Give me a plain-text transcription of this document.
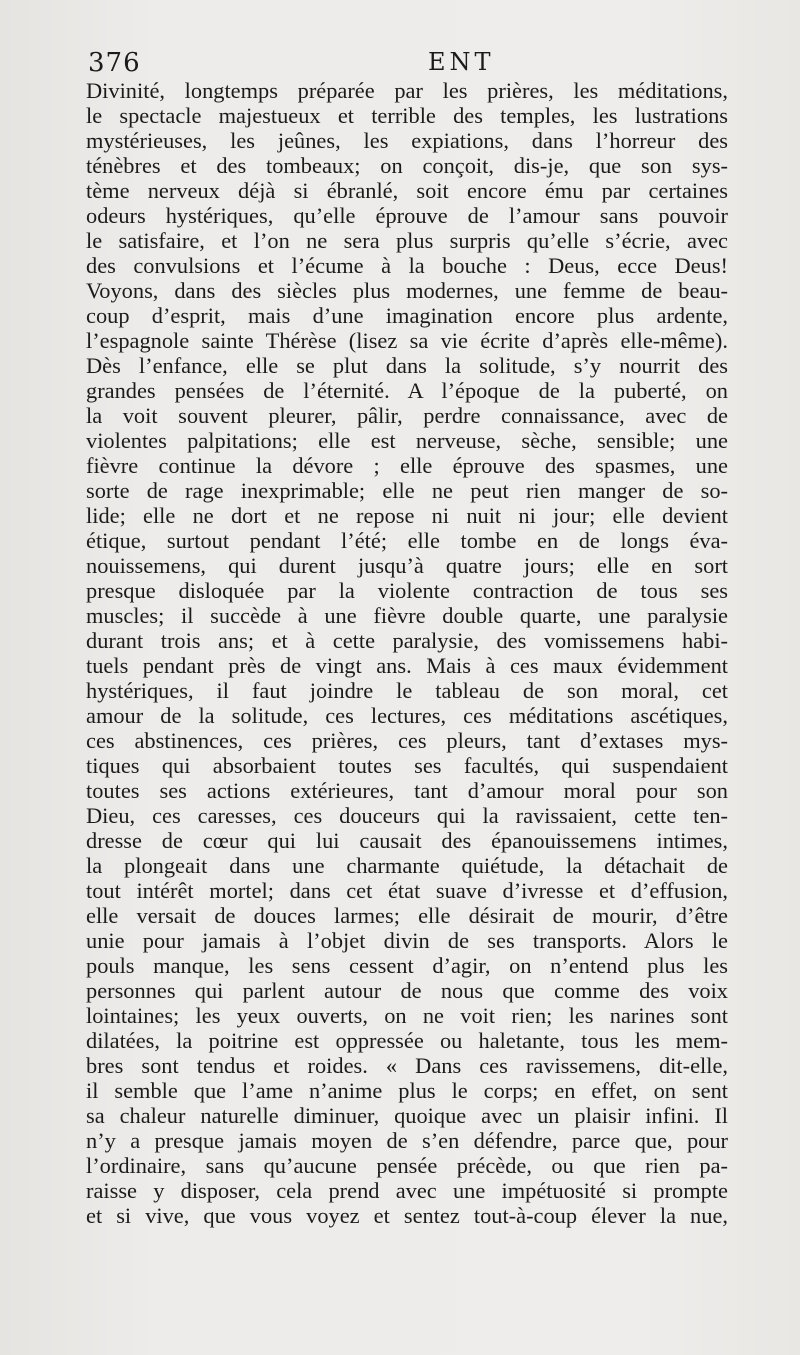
376	ENT
Divinité, longtemps préparée par les prières, les méditations,
le spectacle majestueux et terrible des temples, les lustrations
mystérieuses, les jeûnes, les expiations, dans l’horreur des
ténèbres et des tombeaux; on conçoit, dis-je, que son sys-
tème nerveux déjà si ébranlé, soit encore ému par certaines
odeurs hystériques, qu’elle éprouve de l’amour sans pouvoir
le satisfaire, et l’on ne sera plus surpris qu’elle s’écrie, avec
des convulsions et l’écume à la bouche : Deus, ecce Deus!
Voyons, dans des siècles plus modernes, une femme de beau-
coup d’esprit, mais d’une imagination encore plus ardente,
l’espagnole sainte Thérèse (lisez sa vie écrite d’après elle-même).
Dès l’enfance, elle se plut dans la solitude, s’y nourrit des
grandes pensées de l’éternité. A l’époque de la puberté, on
la voit souvent pleurer, pâlir, perdre connaissance, avec de
violentes palpitations; elle est nerveuse, sèche, sensible; une
fièvre continue la dévore ; elle éprouve des spasmes, une
sorte de rage inexprimable; elle ne peut rien manger de so-
lide; elle ne dort et ne repose ni nuit ni jour; elle devient
étique, surtout pendant l’été; elle tombe en de longs éva-
nouissemens, qui durent jusqu’à quatre jours; elle en sort
presque disloquée par la violente contraction de tous ses
muscles; il succède à une fièvre double quarte, une paralysie
durant trois ans; et à cette paralysie, des vomissemens habi-
tuels pendant près de vingt ans. Mais à ces maux évidemment
hystériques, il faut joindre le tableau de son moral, cet
amour de la solitude, ces lectures, ces méditations ascétiques,
ces abstinences, ces prières, ces pleurs, tant d’extases mys-
tiques qui absorbaient toutes ses facultés, qui suspendaient
toutes ses actions extérieures, tant d’amour moral pour son
Dieu, ces caresses, ces douceurs qui la ravissaient, cette ten-
dresse de cœur qui lui causait des épanouissemens intimes,
la plongeait dans une charmante quiétude, la détachait de
tout intérêt mortel; dans cet état suave d’ivresse et d’effusion,
elle versait de douces larmes; elle désirait de mourir, d’être
unie pour jamais à l’objet divin de ses transports. Alors le
pouls manque, les sens cessent d’agir, on n’entend plus les
personnes qui parlent autour de nous que comme des voix
lointaines; les yeux ouverts, on ne voit rien; les narines sont
dilatées, la poitrine est oppressée ou haletante, tous les mem-
bres sont tendus et roides. « Dans ces ravissemens, dit-elle,
il semble que l’ame n’anime plus le corps; en effet, on sent
sa chaleur naturelle diminuer, quoique avec un plaisir infini. Il
n’y a presque jamais moyen de s’en défendre, parce que, pour
l’ordinaire, sans qu’aucune pensée précède, ou que rien pa-
raisse y disposer, cela prend avec une impétuosité si prompte
et si vive, que vous voyez et sentez tout-à-coup élever la nue,
